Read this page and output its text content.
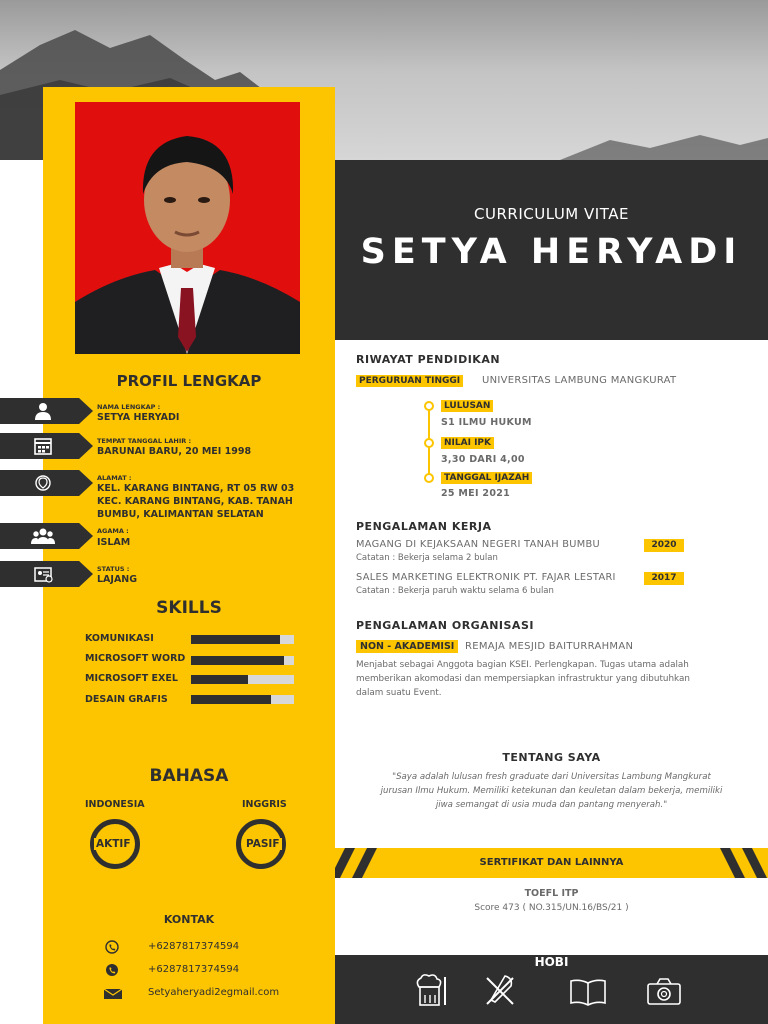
CURRICULUM VITAE
SETYA HERYADI
PROFIL LENGKAP
NAMA LENGKAP :
SETYA HERYADI
TEMPAT TANGGAL LAHIR :
BARUNAI BARU, 20 MEI 1998
ALAMAT :
KEL. KARANG BINTANG, RT 05 RW 03
KEC. KARANG BINTANG, KAB. TANAH
BUMBU, KALIMANTAN SELATAN
AGAMA :
ISLAM
STATUS :
LAJANG
SKILLS
KOMUNIKASI
MICROSOFT WORD
MICROSOFT EXEL
DESAIN GRAFIS
BAHASA
INDONESIA	INGGRIS
AKTIF	PASIF
KONTAK
+6287817374594
+6287817374594
Setyaheryadi2egmail.com
RIWAYAT PENDIDIKAN
PERGURUAN TINGGI	UNIVERSITAS LAMBUNG MANGKURAT
LULUSAN
S1 ILMU HUKUM
NILAI IPK
3,30 DARI 4,00
TANGGAL IJAZAH
25 MEI 2021
PENGALAMAN KERJA
MAGANG DI KEJAKSAAN NEGERI TANAH BUMBU	2020
Catatan : Bekerja selama 2 bulan
SALES MARKETING ELEKTRONIK PT. FAJAR LESTARI	2017
Catatan : Bekerja paruh waktu selama 6 bulan
PENGALAMAN ORGANISASI
NON - AKADEMISI	REMAJA MESJID BAITURRAHMAN
Menjabat sebagai Anggota bagian KSEI. Perlengkapan. Tugas utama adalah
memberikan akomodasi dan mempersiapkan infrastruktur yang dibutuhkan
dalam suatu Event.
TENTANG SAYA
"Saya adalah lulusan fresh graduate dari Universitas Lambung Mangkurat
jurusan Ilmu Hukum. Memiliki ketekunan dan keuletan dalam bekerja, memiliki
jiwa semangat di usia muda dan pantang menyerah."
SERTIFIKAT DAN LAINNYA
TOEFL ITP
Score 473 ( NO.315/UN.16/BS/21 )
HOBI
